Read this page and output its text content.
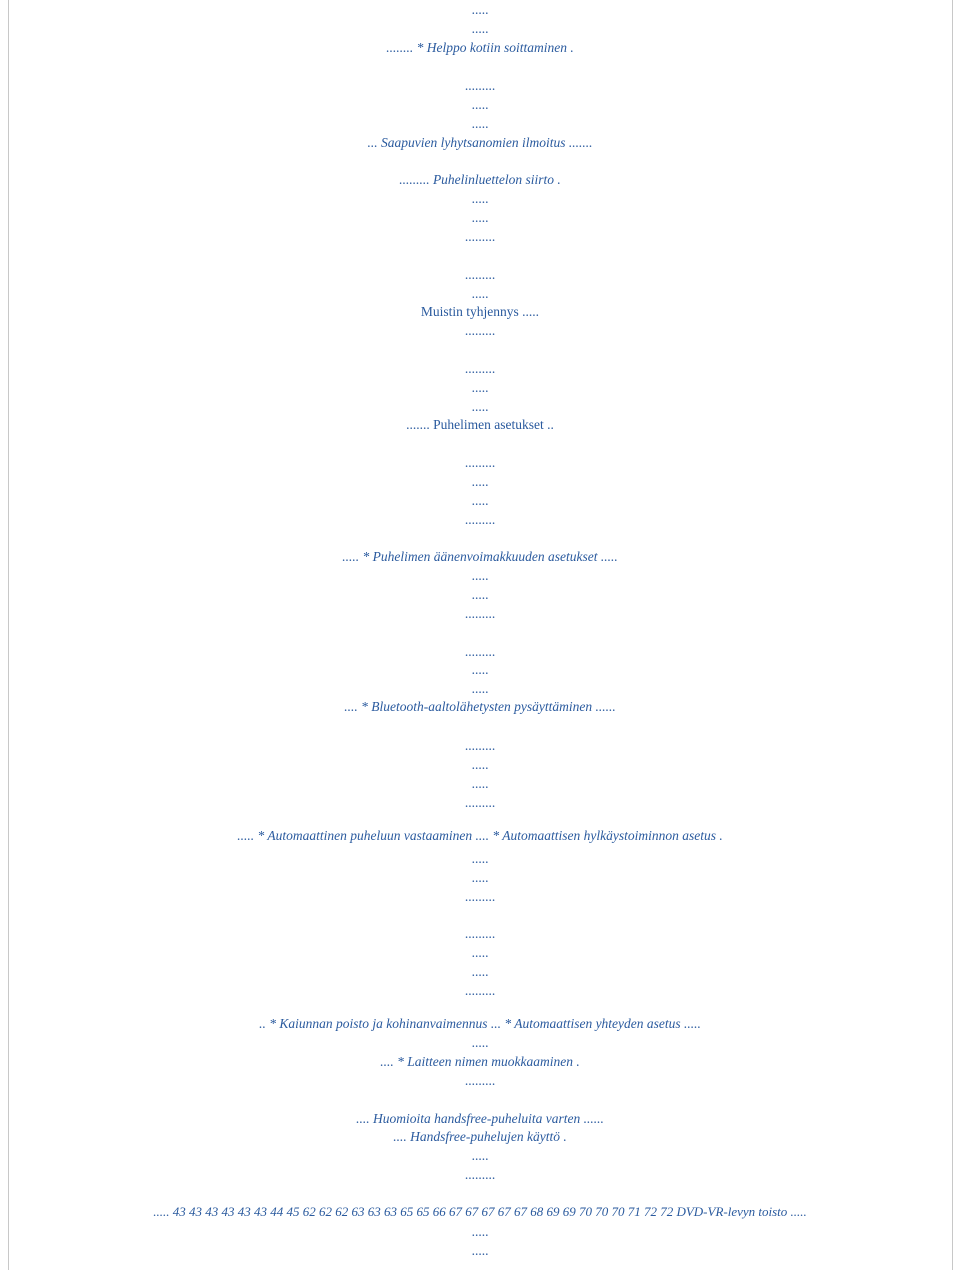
.....
.....
........ * Helppo kotiin soittaminen .
.........
.....
.....
... Saapuvien lyhytsanomien ilmoitus .......
......... Puhelinluettelon siirto .
.....
.....
.........
.........
.....
Muistin tyhjennys .....
.........
.........
.....
.....
....... Puhelimen asetukset ..
.........
.....
.....
.........
..... * Puhelimen äänenvoimakkuuden asetukset .....
.....
.....
.........
.........
.....
.....
.... * Bluetooth-aaltolähetysten pysäyttäminen ......
.........
.....
.....
.........
..... * Automaattinen puheluun vastaaminen .... * Automaattisen hylkäystoiminnon asetus .
.....
.....
.........
.........
.....
.....
.........
.. * Kaiunnan poisto ja kohinanvaimennus ... * Automaattisen yhteyden asetus .....
.....
.... * Laitteen nimen muokkaaminen .
.........
.... Huomioita handsfree-puheluita varten ......
.... Handsfree-puhelujen käyttö .
.....
.........
..... 43 43 43 43 43 43 44 45 62 62 62 63 63 63 65 65 66 67 67 67 67 67 68 69 69 70 70 70 71 72 72 DVD-VR-levyn toisto .....
.....
.....
